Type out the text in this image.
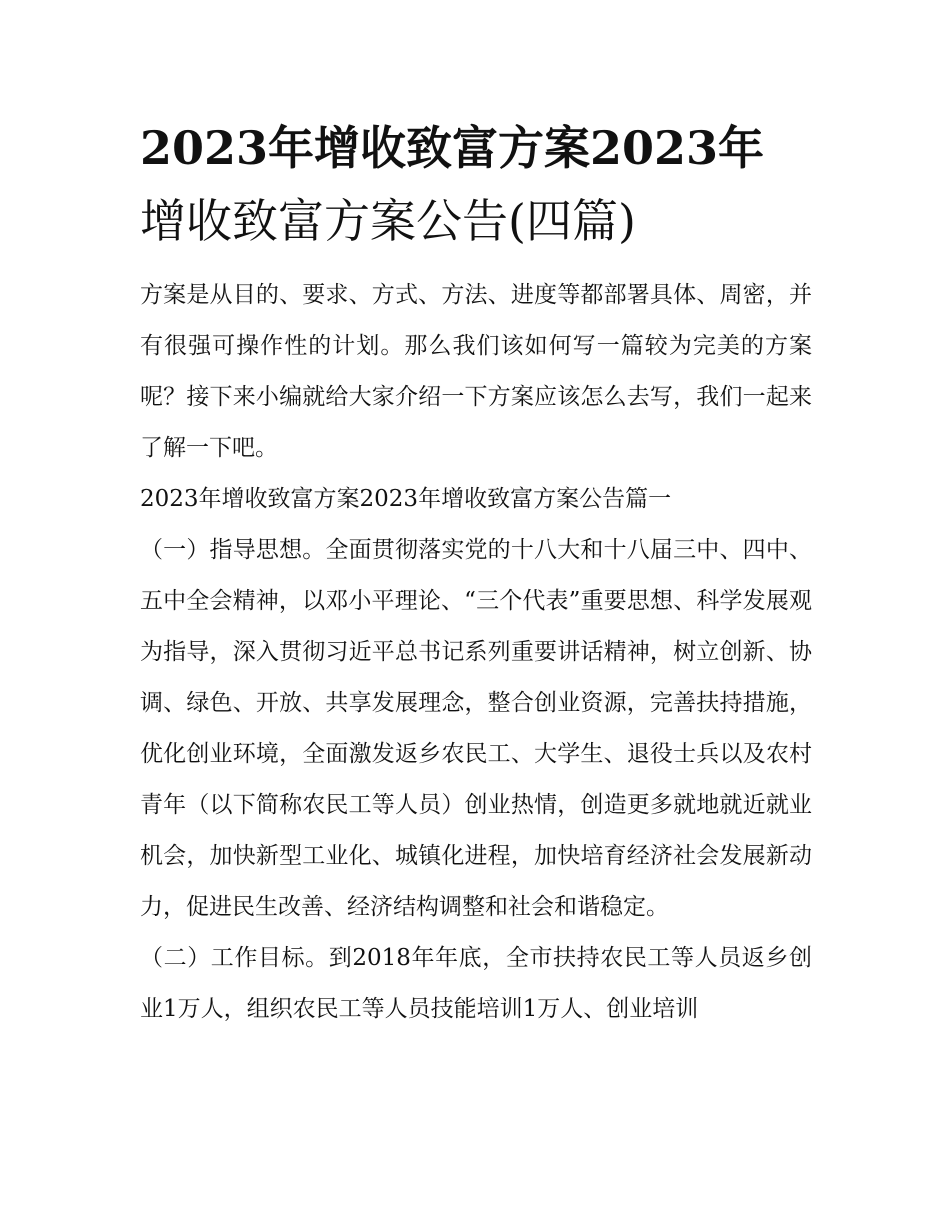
2023年增收致富方案2023年
增收致富方案公告(四篇)

方案是从目的、要求、方式、方法、进度等都部署具体、周密，并有很强可操作性的计划。那么我们该如何写一篇较为完美的方案呢？接下来小编就给大家介绍一下方案应该怎么去写，我们一起来了解一下吧。

2023年增收致富方案2023年增收致富方案公告篇一

（一）指导思想。全面贯彻落实党的十八大和十八届三中、四中、五中全会精神，以邓小平理论、“三个代表”重要思想、科学发展观为指导，深入贯彻习近平总书记系列重要讲话精神，树立创新、协调、绿色、开放、共享发展理念，整合创业资源，完善扶持措施，优化创业环境，全面激发返乡农民工、大学生、退役士兵以及农村青年（以下简称农民工等人员）创业热情，创造更多就地就近就业机会，加快新型工业化、城镇化进程，加快培育经济社会发展新动力，促进民生改善、经济结构调整和社会和谐稳定。

（二）工作目标。到2018年年底，全市扶持农民工等人员返乡创业1万人，组织农民工等人员技能培训1万人、创业培训
